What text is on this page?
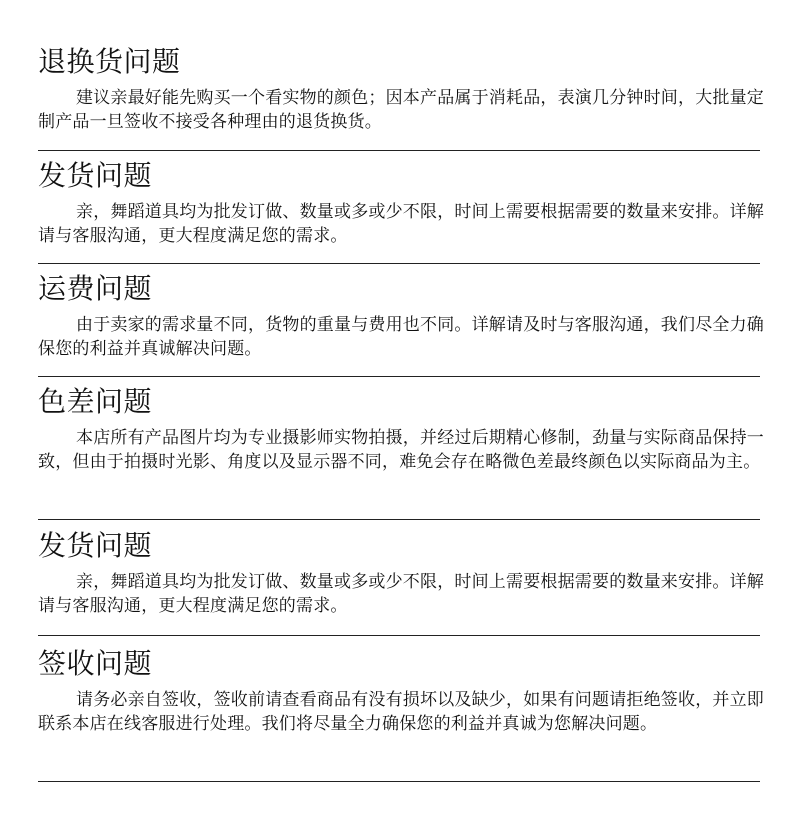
退换货问题

建议亲最好能先购买一个看实物的颜色；因本产品属于消耗品，表演几分钟时间，大批量定制产品一旦签收不接受各种理由的退货换货。

发货问题

亲，舞蹈道具均为批发订做、数量或多或少不限，时间上需要根据需要的数量来安排。详解请与客服沟通，更大程度满足您的需求。

运费问题

由于卖家的需求量不同，货物的重量与费用也不同。详解请及时与客服沟通，我们尽全力确保您的利益并真诚解决问题。

色差问题

本店所有产品图片均为专业摄影师实物拍摄，并经过后期精心修制，劲量与实际商品保持一致，但由于拍摄时光影、角度以及显示器不同，难免会存在略微色差最终颜色以实际商品为主。

发货问题

亲，舞蹈道具均为批发订做、数量或多或少不限，时间上需要根据需要的数量来安排。详解请与客服沟通，更大程度满足您的需求。

签收问题

请务必亲自签收，签收前请查看商品有没有损坏以及缺少，如果有问题请拒绝签收，并立即联系本店在线客服进行处理。我们将尽量全力确保您的利益并真诚为您解决问题。
